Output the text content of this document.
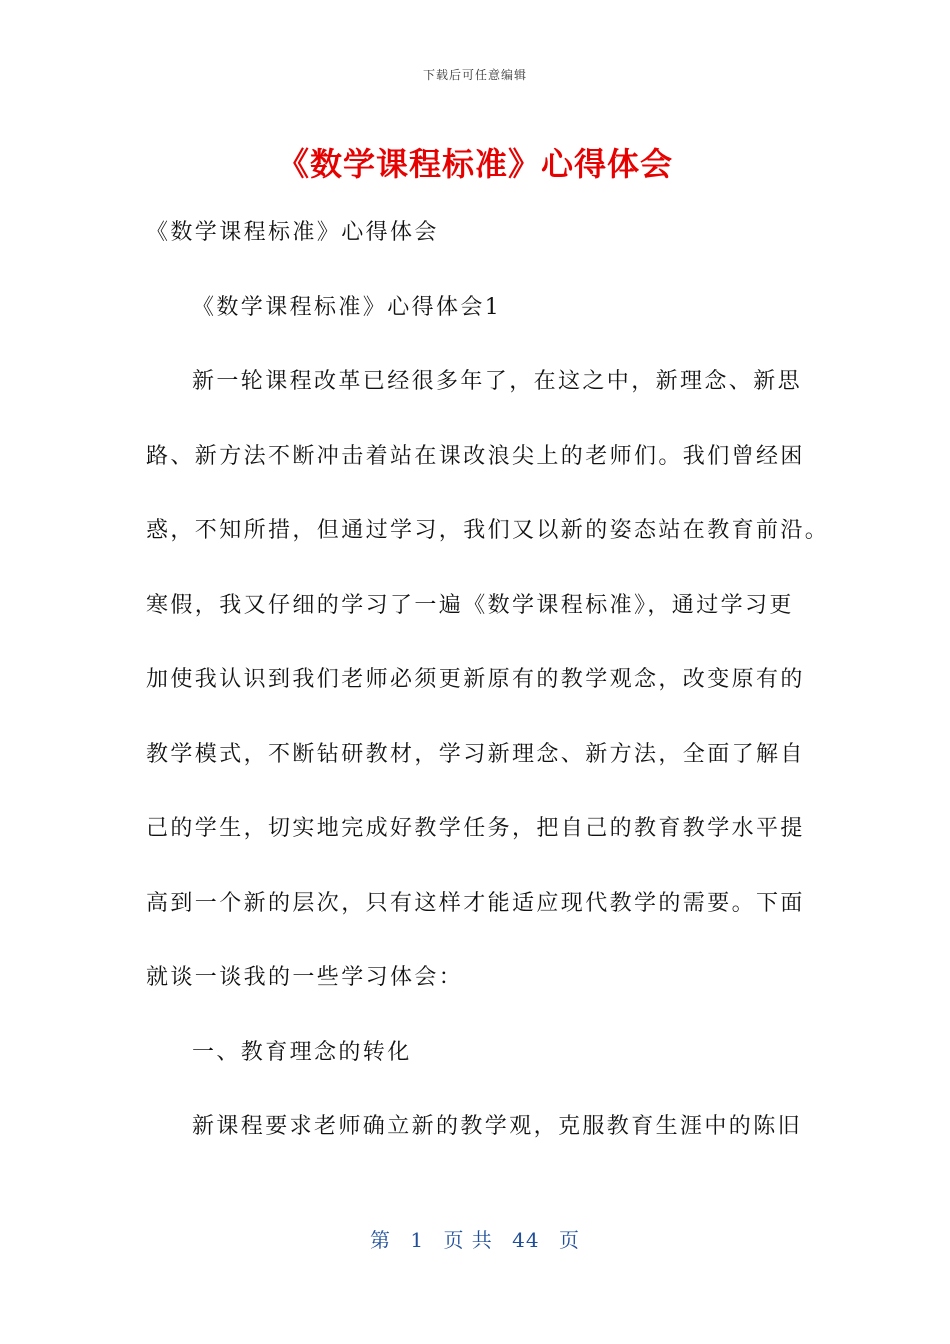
下载后可任意编辑
《数学课程标准》心得体会
《数学课程标准》心得体会
《数学课程标准》心得体会1
新一轮课程改革已经很多年了，在这之中，新理念、新思
路、新方法不断冲击着站在课改浪尖上的老师们。我们曾经困
惑，不知所措，但通过学习，我们又以新的姿态站在教育前沿。
寒假，我又仔细的学习了一遍《数学课程标准》，通过学习更
加使我认识到我们老师必须更新原有的教学观念，改变原有的
教学模式，不断钻研教材，学习新理念、新方法，全面了解自
己的学生，切实地完成好教学任务，把自己的教育教学水平提
高到一个新的层次，只有这样才能适应现代教学的需要。下面
就谈一谈我的一些学习体会：
一、教育理念的转化
新课程要求老师确立新的教学观，克服教育生涯中的陈旧
第 1 页 共 44 页
